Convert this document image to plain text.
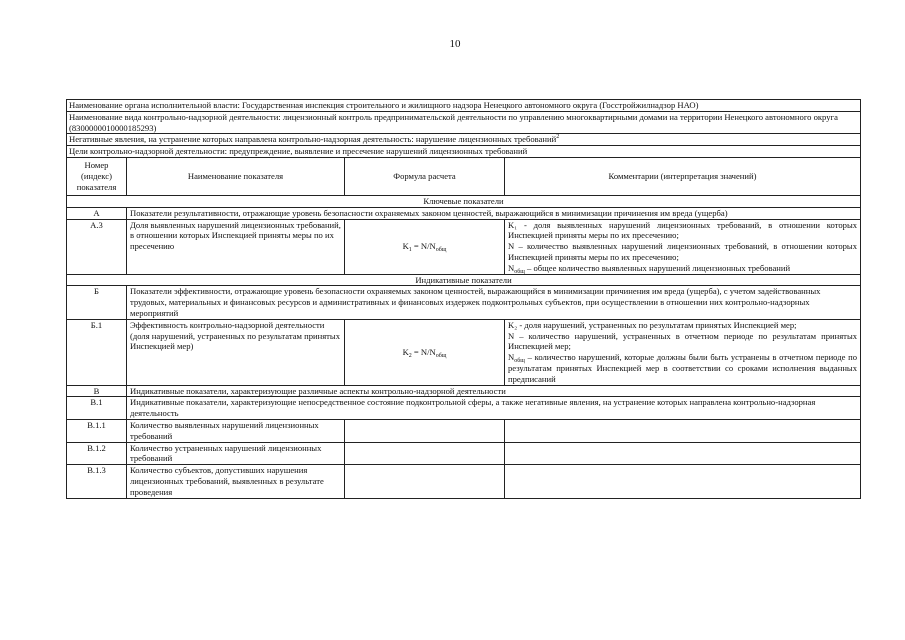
10
Наименование органа исполнительной власти: Государственная инспекция строительного и жилищного надзора Ненецкого автономного округа (Госстройжилнадзор НАО)			
Наименование вида контрольно-надзорной деятельности: лицензионный контроль предпринимательской деятельности по управлению многоквартирными домами на территории Ненецкого автономного округа (8300000010000185293)			
Негативные явления, на устранение которых направлена контрольно-надзорная деятельность: нарушение лицензионных требований$^2$
Цели контрольно-надзорной деятельности: предупреждение, выявление и пресечение нарушений лицензионных требований			
Номер (индекс) показателя	Наименование показателя	Формула расчета	Комментарии (интерпретация значений)
Ключевые показатели			
А	Показатели результативности, отражающие уровень безопасности охраняемых законом ценностей, выражающийся в минимизации причинения им вреда (ущерба)		
А.3	Доля выявленных нарушений лицензионных требований, в отношении которых Инспекцией приняты меры по их пресечению	$K_1 = N/N_{общ}$	K₁ - доля выявленных нарушений лицензионных требований, в отношении которых Инспекцией приняты меры по их пресечению;
N – количество выявленных нарушений лицензионных требований, в отношении которых Инспекцией приняты меры по их пресечению;
$N_{общ}$ – общее количество выявленных нарушений лицензионных требований

Индикативные показатели			
Б	Показатели эффективности, отражающие уровень безопасности охраняемых законом ценностей, выражающийся в минимизации причинения им вреда (ущерба), с учетом задействованных трудовых, материальных и финансовых ресурсов и административных и финансовых издержек подконтрольных субъектов, при осуществлении в отношении них контрольно-надзорных мероприятий		
Б.1	Эффективность контрольно-надзорной деятельности (доля нарушений, устраненных по результатам принятых Инспекцией мер)	$K_2 = N/N_{общ}$	K₂ - доля нарушений, устраненных по результатам принятых Инспекцией мер;
N – количество нарушений, устраненных в отчетном периоде по результатам принятых Инспекцией мер;
$N_{общ}$ – количество нарушений, которые должны были быть устранены в отчетном периоде по результатам принятых Инспекцией мер в соответствии со сроками исполнения выданных предписаний

В	Индикативные показатели, характеризующие различные аспекты контрольно-надзорной деятельности		
В.1	Индикативные показатели, характеризующие непосредственное состояние подконтрольной сферы, а также негативные явления, на устранение которых направлена контрольно-надзорная деятельность		
В.1.1	Количество выявленных нарушений лицензионных требований		
В.1.2	Количество устраненных нарушений лицензионных требований		
В.1.3	Количество субъектов, допустивших нарушения лицензионных требований, выявленных в результате проведения		
